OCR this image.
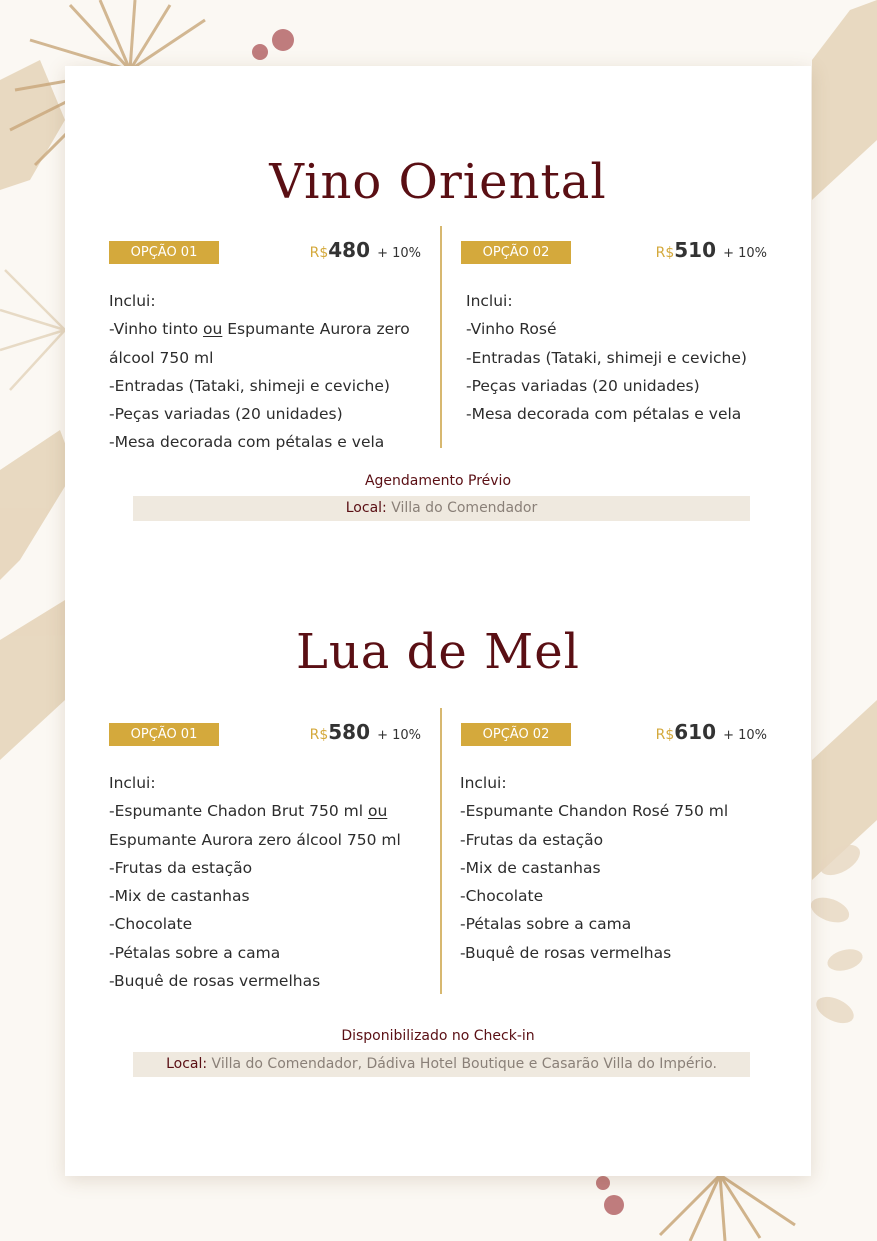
Vino Oriental
OPÇÃO 01	R$480 + 10%
Inclui:
-Vinho tinto ou Espumante Aurora zero
álcool 750 ml
-Entradas (Tataki, shimeji e ceviche)
-Peças variadas (20 unidades)
-Mesa decorada com pétalas e vela
OPÇÃO 02	R$510 + 10%
Inclui:
-Vinho Rosé
-Entradas (Tataki, shimeji e ceviche)
-Peças variadas (20 unidades)
-Mesa decorada com pétalas e vela
Agendamento Prévio
Local: Villa do Comendador
Lua de Mel
OPÇÃO 01	R$580 + 10%
Inclui:
-Espumante Chadon Brut 750 ml ou
Espumante Aurora zero álcool 750 ml
-Frutas da estação
-Mix de castanhas
-Chocolate
-Pétalas sobre a cama
-Buquê de rosas vermelhas
OPÇÃO 02	R$610 + 10%
Inclui:
-Espumante Chandon Rosé 750 ml
-Frutas da estação
-Mix de castanhas
-Chocolate
-Pétalas sobre a cama
-Buquê de rosas vermelhas
Disponibilizado no Check-in
Local: Villa do Comendador, Dádiva Hotel Boutique e Casarão Villa do Império.
